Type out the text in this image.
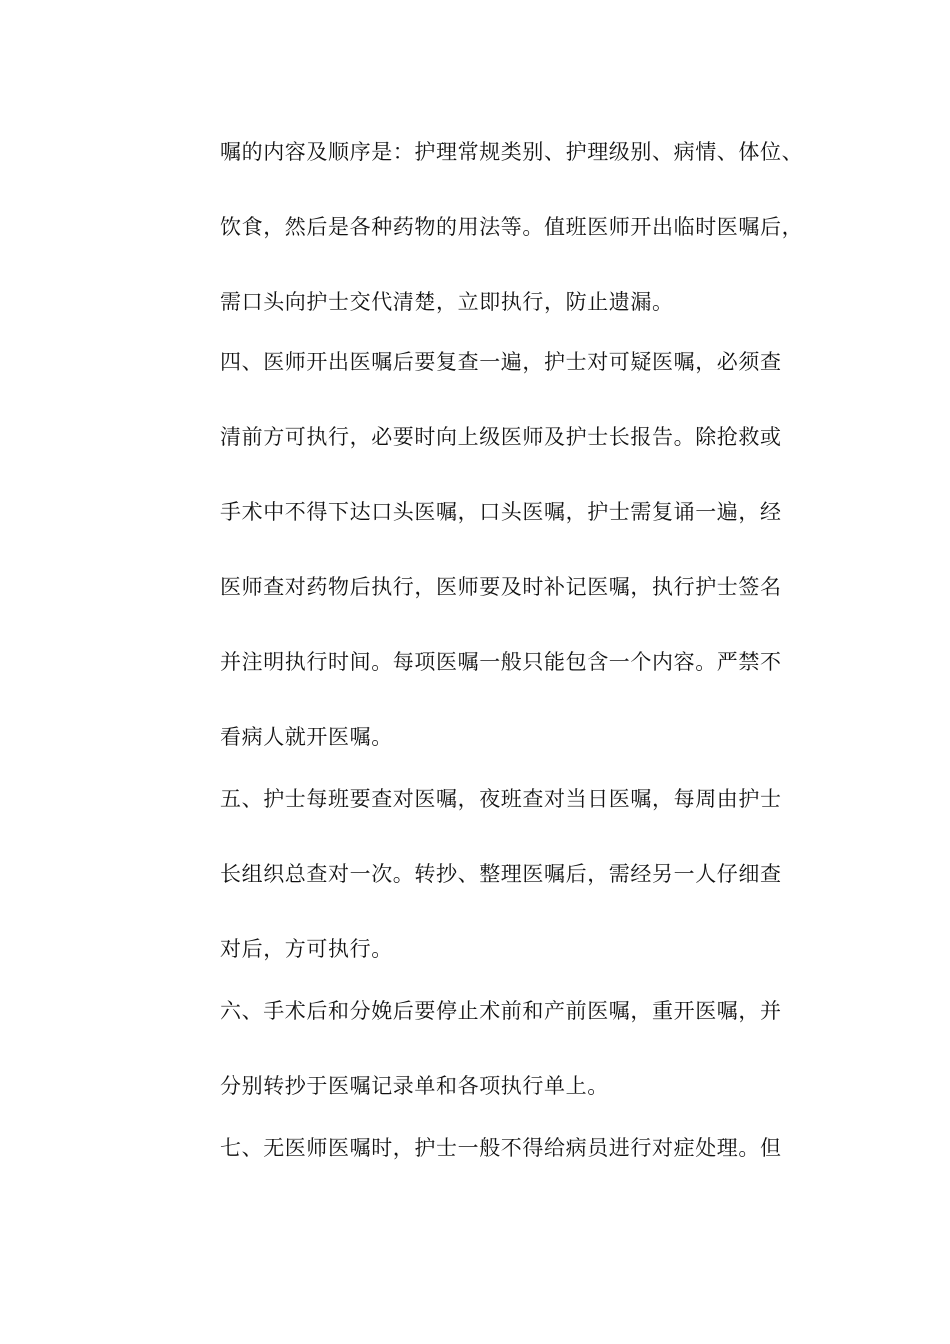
嘱的内容及顺序是：护理常规类别、护理级别、病情、体位、
饮食，然后是各种药物的用法等。值班医师开出临时医嘱后，
需口头向护士交代清楚，立即执行，防止遗漏。
四、医师开出医嘱后要复查一遍，护士对可疑医嘱，必须查
清前方可执行，必要时向上级医师及护士长报告。除抢救或
手术中不得下达口头医嘱，口头医嘱，护士需复诵一遍，经
医师查对药物后执行，医师要及时补记医嘱，执行护士签名
并注明执行时间。每项医嘱一般只能包含一个内容。严禁不
看病人就开医嘱。
五、护士每班要查对医嘱，夜班查对当日医嘱，每周由护士
长组织总查对一次。转抄、整理医嘱后，需经另一人仔细查
对后，方可执行。
六、手术后和分娩后要停止术前和产前医嘱，重开医嘱，并
分别转抄于医嘱记录单和各项执行单上。
七、无医师医嘱时，护士一般不得给病员进行对症处理。但
